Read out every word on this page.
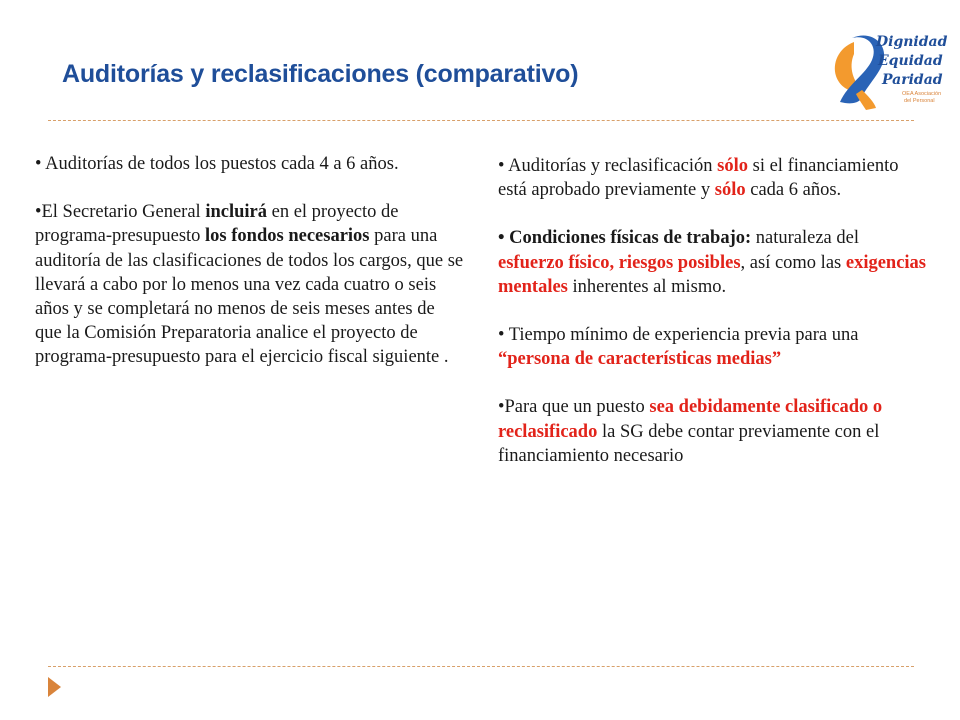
Auditorías y reclasificaciones (comparativo)
Dignidad
Equidad
Paridad
OEA Asociación
del Personal

• Auditorías de todos los puestos cada 4 a 6 años.

•El Secretario General incluirá en el proyecto de programa-presupuesto los fondos necesarios para una auditoría de las clasificaciones de todos los cargos, que se llevará a cabo por lo menos una vez cada cuatro o seis años y se completará no menos de seis meses antes de que la Comisión Preparatoria analice el proyecto de programa-presupuesto para el ejercicio fiscal siguiente .

• Auditorías y reclasificación sólo si el financiamiento está aprobado previamente y sólo cada 6 años.

• Condiciones físicas de trabajo: naturaleza del esfuerzo físico, riesgos posibles, así como las exigencias mentales inherentes al mismo.

• Tiempo mínimo de experiencia previa para una “persona de características medias”

•Para que un puesto sea debidamente clasificado o reclasificado la SG debe contar previamente con el financiamiento necesario
